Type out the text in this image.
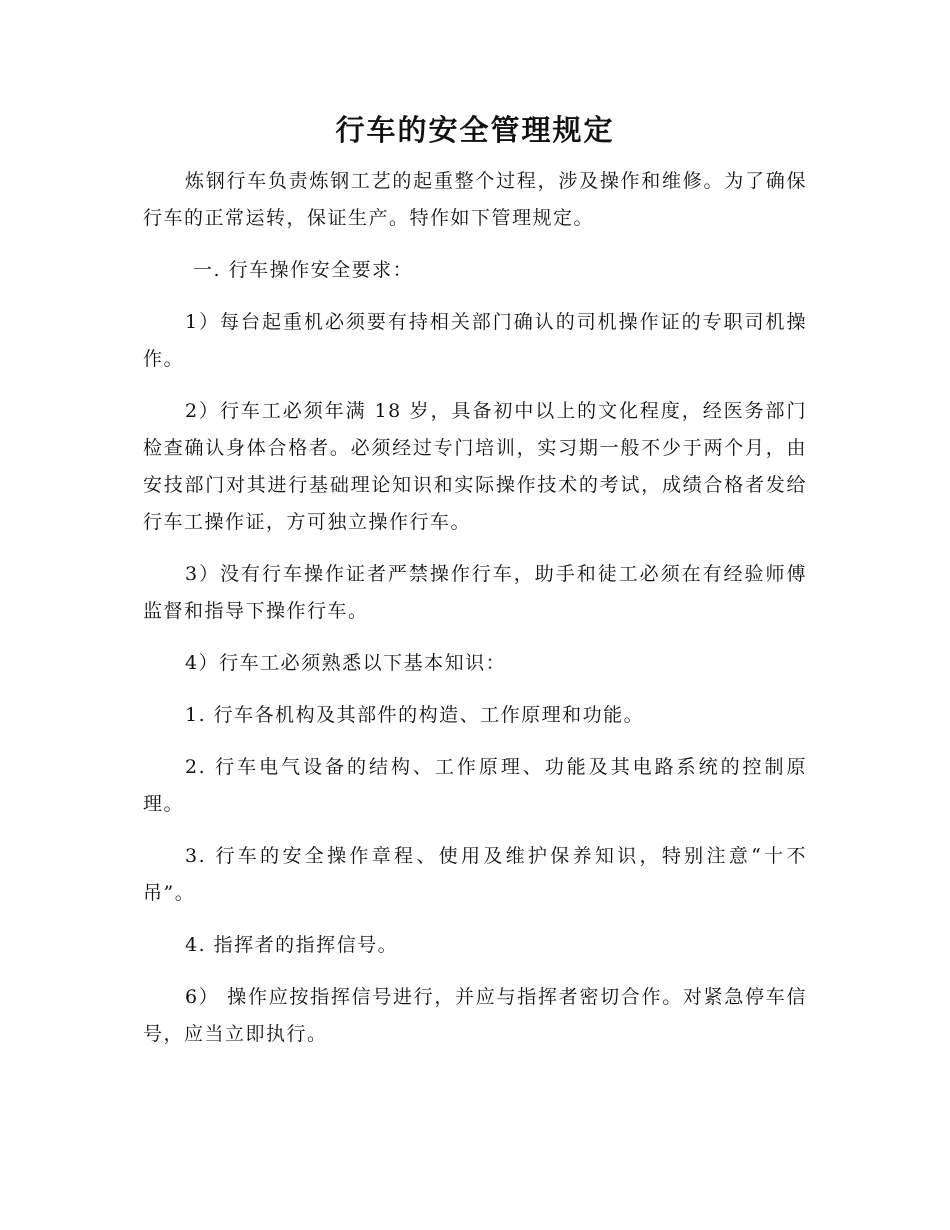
行车的安全管理规定

炼钢行车负责炼钢工艺的起重整个过程，涉及操作和维修。为了确保行车的正常运转，保证生产。特作如下管理规定。

一. 行车操作安全要求：

1）每台起重机必须要有持相关部门确认的司机操作证的专职司机操作。

2）行车工必须年满 18 岁，具备初中以上的文化程度，经医务部门检查确认身体合格者。必须经过专门培训，实习期一般不少于两个月，由安技部门对其进行基础理论知识和实际操作技术的考试，成绩合格者发给行车工操作证，方可独立操作行车。

3）没有行车操作证者严禁操作行车，助手和徒工必须在有经验师傅监督和指导下操作行车。

4）行车工必须熟悉以下基本知识：

1. 行车各机构及其部件的构造、工作原理和功能。

2. 行车电气设备的结构、工作原理、功能及其电路系统的控制原理。

3. 行车的安全操作章程、使用及维护保养知识，特别注意“十不吊”。

4. 指挥者的指挥信号。

6） 操作应按指挥信号进行，并应与指挥者密切合作。对紧急停车信号，应当立即执行。
